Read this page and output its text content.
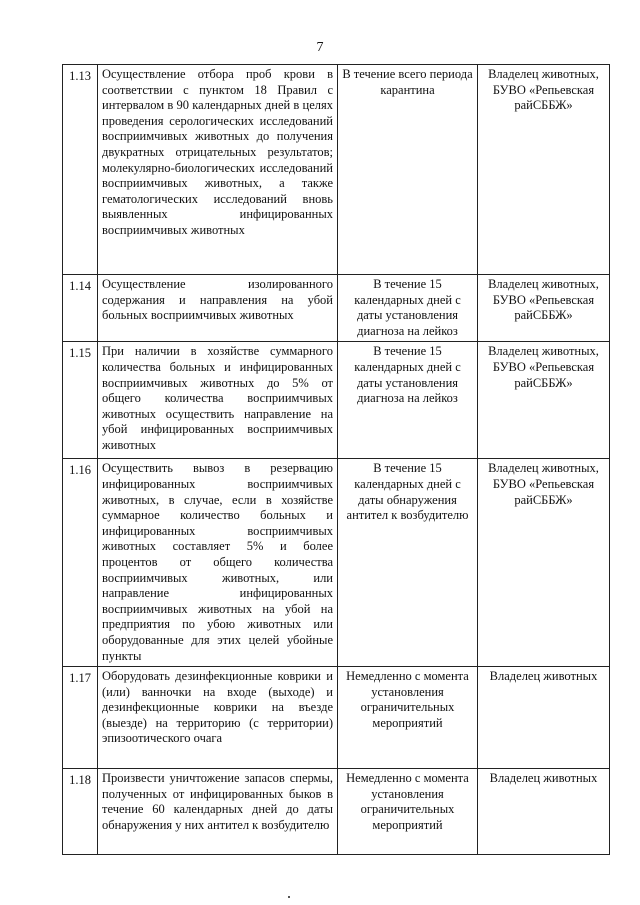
7
1.13	Осуществление отбора проб крови в соответствии с пунктом 18 Правил с интервалом в 90 календарных дней в целях проведения серологических исследований восприимчивых животных до получения двукратных отрицательных результатов; молекулярно-биологических исследований восприимчивых животных, а также гематологических исследований вновь выявленных инфицированных восприимчивых животных	В течение всего периода карантина	Владелец животных, БУВО «Репьевская райСББЖ»
1.14	Осуществление изолированного содержания и направления на убой больных восприимчивых животных	В течение 15 календарных дней с даты установления диагноза на лейкоз	Владелец животных, БУВО «Репьевская райСББЖ»
1.15	При наличии в хозяйстве суммарного количества больных и инфицированных восприимчивых животных до 5% от общего количества восприимчивых животных осуществить направление на убой инфицированных восприимчивых животных	В течение 15 календарных дней с даты установления диагноза на лейкоз	Владелец животных, БУВО «Репьевская райСББЖ»
1.16	Осуществить вывоз в резервацию инфицированных восприимчивых животных, в случае, если в хозяйстве суммарное количество больных и инфицированных восприимчивых животных составляет 5% и более процентов от общего количества восприимчивых животных, или направление инфицированных восприимчивых животных на убой на предприятия по убою животных или оборудованные для этих целей убойные пункты	В течение 15 календарных дней с даты обнаружения антител к возбудителю	Владелец животных, БУВО «Репьевская райСББЖ»
1.17	Оборудовать дезинфекционные коврики и (или) ванночки на входе (выходе) и дезинфекционные коврики на въезде (выезде) на территорию (с территории) эпизоотического очага	Немедленно с момента установления ограничительных мероприятий	Владелец животных
1.18	Произвести уничтожение запасов спермы, полученных от инфицированных быков в течение 60 календарных дней до даты обнаружения у них антител к возбудителю	Немедленно с момента установления ограничительных мероприятий	Владелец животных
